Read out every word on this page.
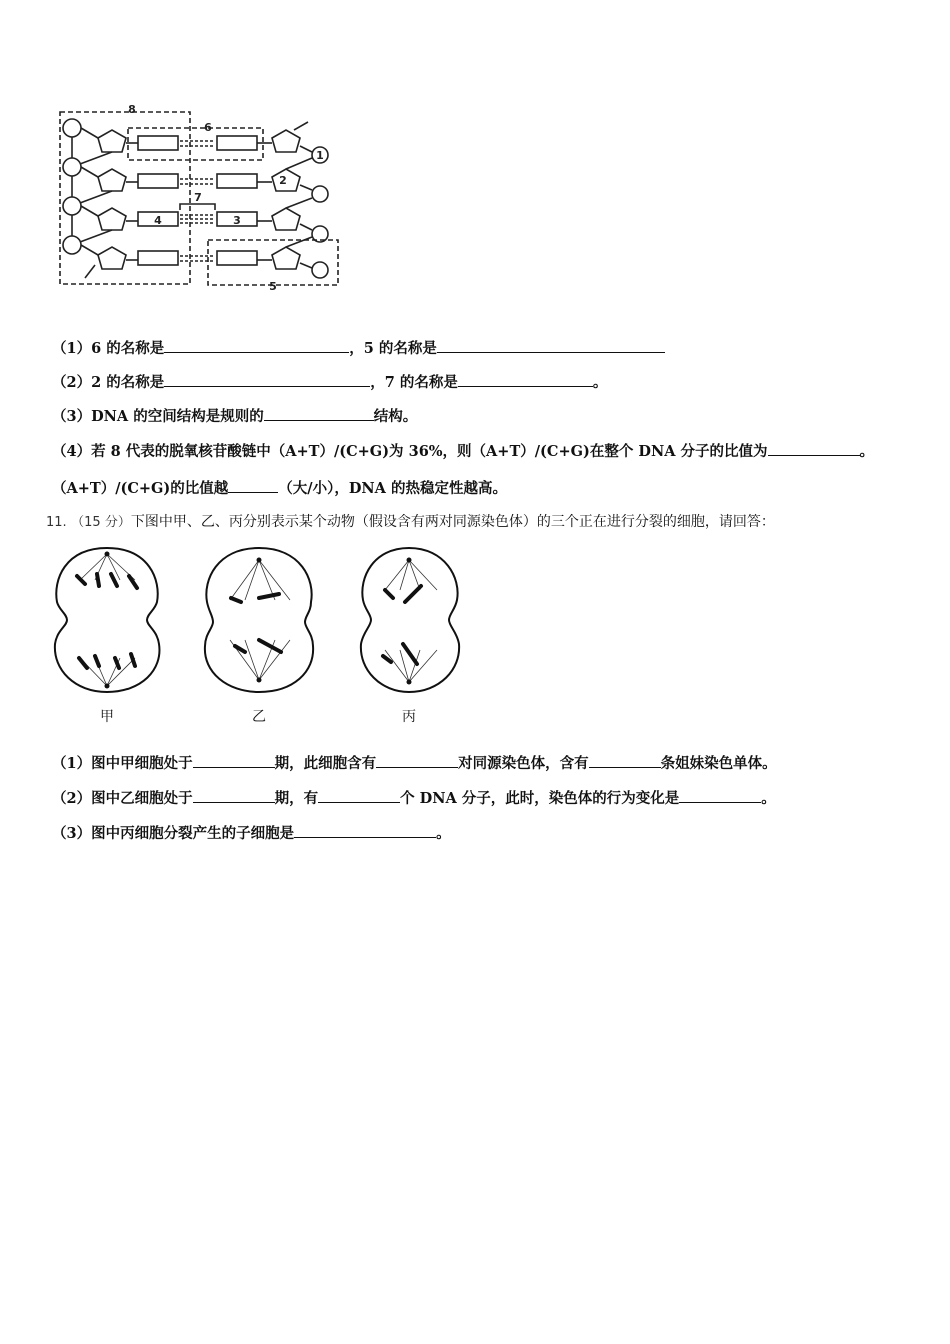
8
6
1
2
7
4	3
5
（1）6 的名称是	，5 的名称是
（2）2 的名称是	，7 的名称是	。
（3）DNA 的空间结构是规则的	结构。
（4）若 8 代表的脱氧核苷酸链中（A+T）/(C+G)为 36%，则（A+T）/(C+G)在整个 DNA 分子的比值为	。
（A+T）/(C+G)的比值越	（大/小），DNA 的热稳定性越高。
11. （15 分）下图中甲、乙、丙分别表示某个动物（假设含有两对同源染色体）的三个正在进行分裂的细胞，请回答：
甲	乙	丙
（1）图中甲细胞处于	期，此细胞含有	对同源染色体，含有	条姐妹染色单体。
（2）图中乙细胞处于	期，有	个 DNA 分子，此时，染色体的行为变化是	。
（3）图中丙细胞分裂产生的子细胞是	。
